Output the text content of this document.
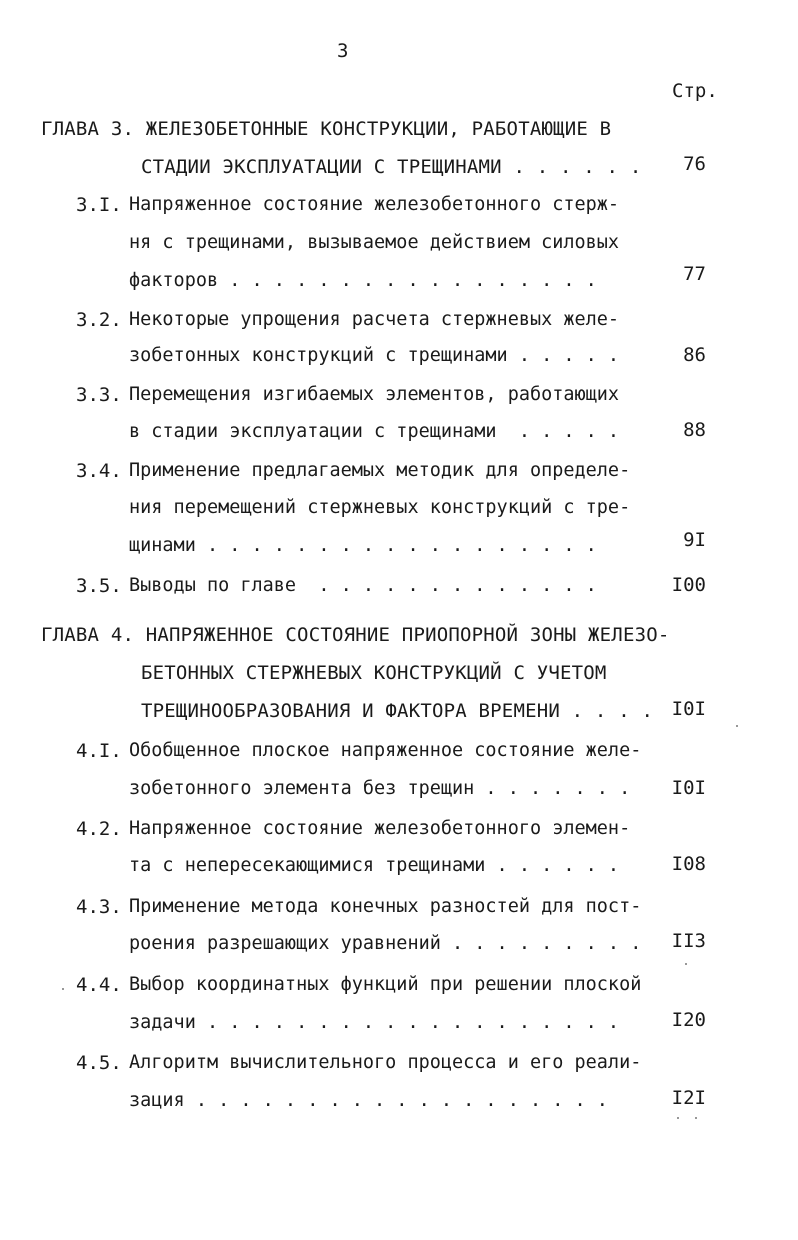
3
Стр.
ГЛАВА 3. ЖЕЛЕЗОБЕТОННЫЕ КОНСТРУКЦИИ, РАБОТАЮЩИЕ В
СТАДИИ ЭКСПЛУАТАЦИИ С ТРЕЩИНАМИ . . . . . .	76
3.I. Напряженное состояние железобетонного стерж-
ня с трещинами, вызываемое действием силовых
факторов . . . . . . . . . . . . . . . . .	77
3.2. Некоторые упрощения расчета стержневых желе-
зобетонных конструкций с трещинами . . . . .	86
3.3. Перемещения изгибаемых элементов, работающих
в стадии эксплуатации с трещинами  . . . . .	88
3.4. Применение предлагаемых методик для определе-
ния перемещений стержневых конструкций с тре-
щинами . . . . . . . . . . . . . . . . . .	9I
3.5. Выводы по главе  . . . . . . . . . . . . .	I00
ГЛАВА 4. НАПРЯЖЕННОЕ СОСТОЯНИЕ ПРИОПОРНОЙ ЗОНЫ ЖЕЛЕЗО-
БЕТОННЫХ СТЕРЖНЕВЫХ КОНСТРУКЦИЙ С УЧЕТОМ
ТРЕЩИНООБРАЗОВАНИЯ И ФАКТОРА ВРЕМЕНИ . . . . I0I
4.I. Обобщенное плоское напряженное состояние желе-
зобетонного элемента без трещин . . . . . . .	I0I
4.2. Напряженное состояние железобетонного элемен-
та с непересекающимися трещинами . . . . . .	I08
4.3. Применение метода конечных разностей для пост-
роения разрешающих уравнений . . . . . . . . .	II3
4.4. Выбор координатных функций при решении плоской
задачи . . . . . . . . . . . . . . . . . . .	I20
4.5. Алгоритм вычислительного процесса и его реали-
зация . . . . . . . . . . . . . . . . . . .	I2I
